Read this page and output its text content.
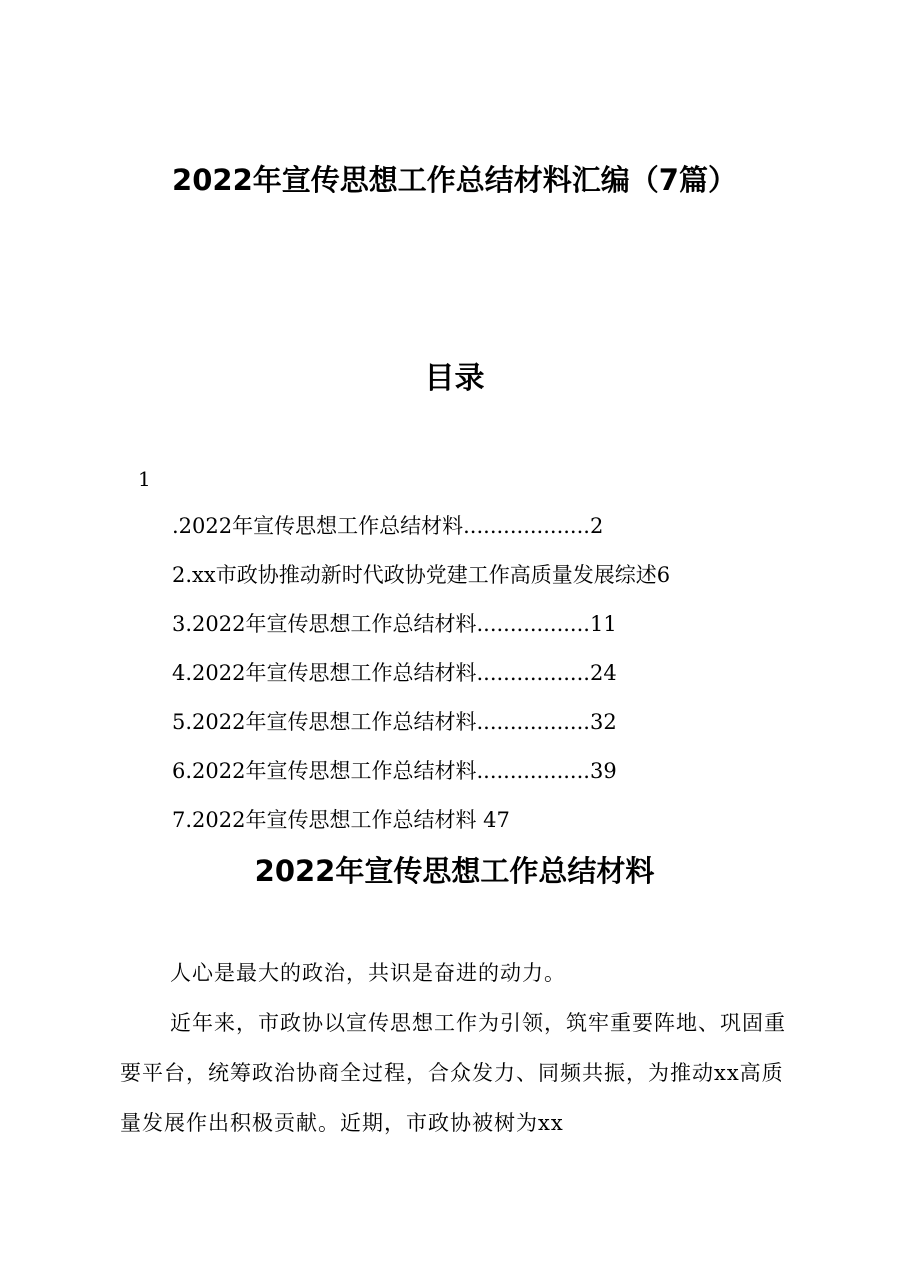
2022年宣传思想工作总结材料汇编（7篇）
目录
1
.2022年宣传思想工作总结材料...................2
2.xx市政协推动新时代政协党建工作高质量发展综述6
3.2022年宣传思想工作总结材料.................11
4.2022年宣传思想工作总结材料.................24
5.2022年宣传思想工作总结材料.................32
6.2022年宣传思想工作总结材料.................39
7.2022年宣传思想工作总结材料 47
2022年宣传思想工作总结材料

人心是最大的政治，共识是奋进的动力。

近年来，市政协以宣传思想工作为引领，筑牢重要阵地、巩固重要平台，统筹政治协商全过程，合众发力、同频共振，为推动xx高质量发展作出积极贡献。近期，市政协被树为xx
